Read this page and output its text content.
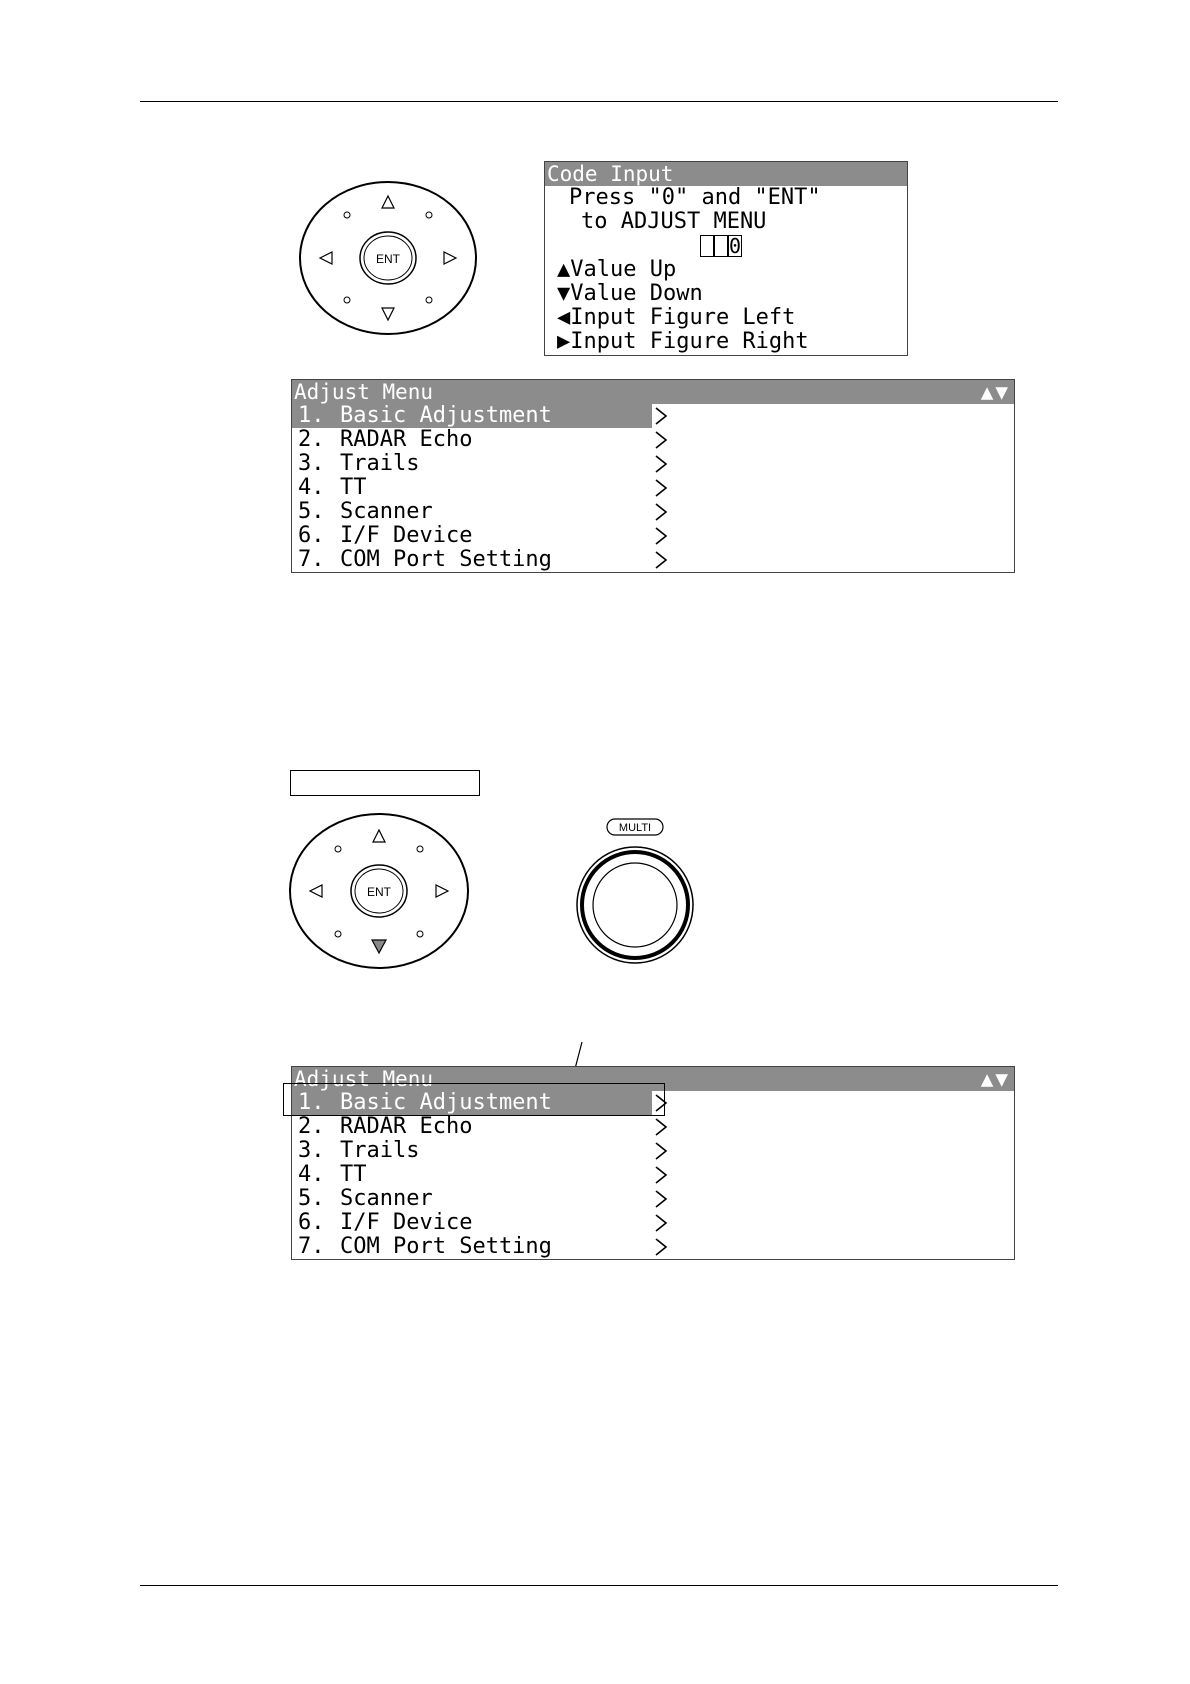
ENT
Code Input
Press "0" and "ENT"
to ADJUST MENU
0
▲Value Up
▼Value Down
◀Input Figure Left
▶Input Figure Right
Adjust Menu	▲▼
1. Basic Adjustment
2. RADAR Echo
3. Trails
4. TT
5. Scanner
6. I/F Device
7. COM Port Setting
ENT
MULTI
Adjust Menu	▲▼
1. Basic Adjustment
2. RADAR Echo
3. Trails
4. TT
5. Scanner
6. I/F Device
7. COM Port Setting
